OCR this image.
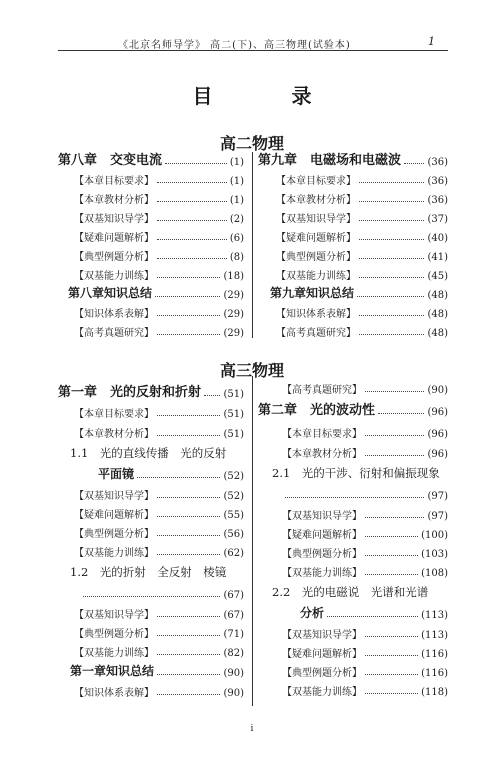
《北京名师导学》 高二(下)、高三物理(试验本)	1
目 录
高二物理
第八章　交变电流	(1)
【本章目标要求】	(1)
【本章教材分析】	(1)
【双基知识导学】	(2)
【疑难问题解析】	(6)
【典型例题分析】	(8)
【双基能力训练】	(18)
第八章知识总结	(29)
【知识体系表解】	(29)
【高考真题研究】	(29)
第九章　电磁场和电磁波	(36)
【本章目标要求】	(36)
【本章教材分析】	(36)
【双基知识导学】	(37)
【疑难问题解析】	(40)
【典型例题分析】	(41)
【双基能力训练】	(45)
第九章知识总结	(48)
【知识体系表解】	(48)
【高考真题研究】	(48)
高三物理
第一章　光的反射和折射 (51)
【本章目标要求】	(51)
【本章教材分析】	(51)
1.1　光的直线传播　光的反射
平面镜	(52)
【双基知识导学】	(52)
【疑难问题解析】	(55)
【典型例题分析】	(56)
【双基能力训练】	(62)
1.2　光的折射　全反射　棱镜
(67)
【双基知识导学】	(67)
【典型例题分析】	(71)
【双基能力训练】	(82)
第一章知识总结	(90)
【知识体系表解】	(90)
【高考真题研究】	(90)
第二章　光的波动性	(96)
【本章目标要求】	(96)
【本章教材分析】	(96)
2.1　光的干涉、衍射和偏振现象
(97)
【双基知识导学】	(97)
【疑难问题解析】	(100)
【典型例题分析】	(103)
【双基能力训练】	(108)
2.2　光的电磁说　光谱和光谱
分析	(113)
【双基知识导学】	(113)
【疑难问题解析】	(116)
【典型例题分析】	(116)
【双基能力训练】	(118)
i
